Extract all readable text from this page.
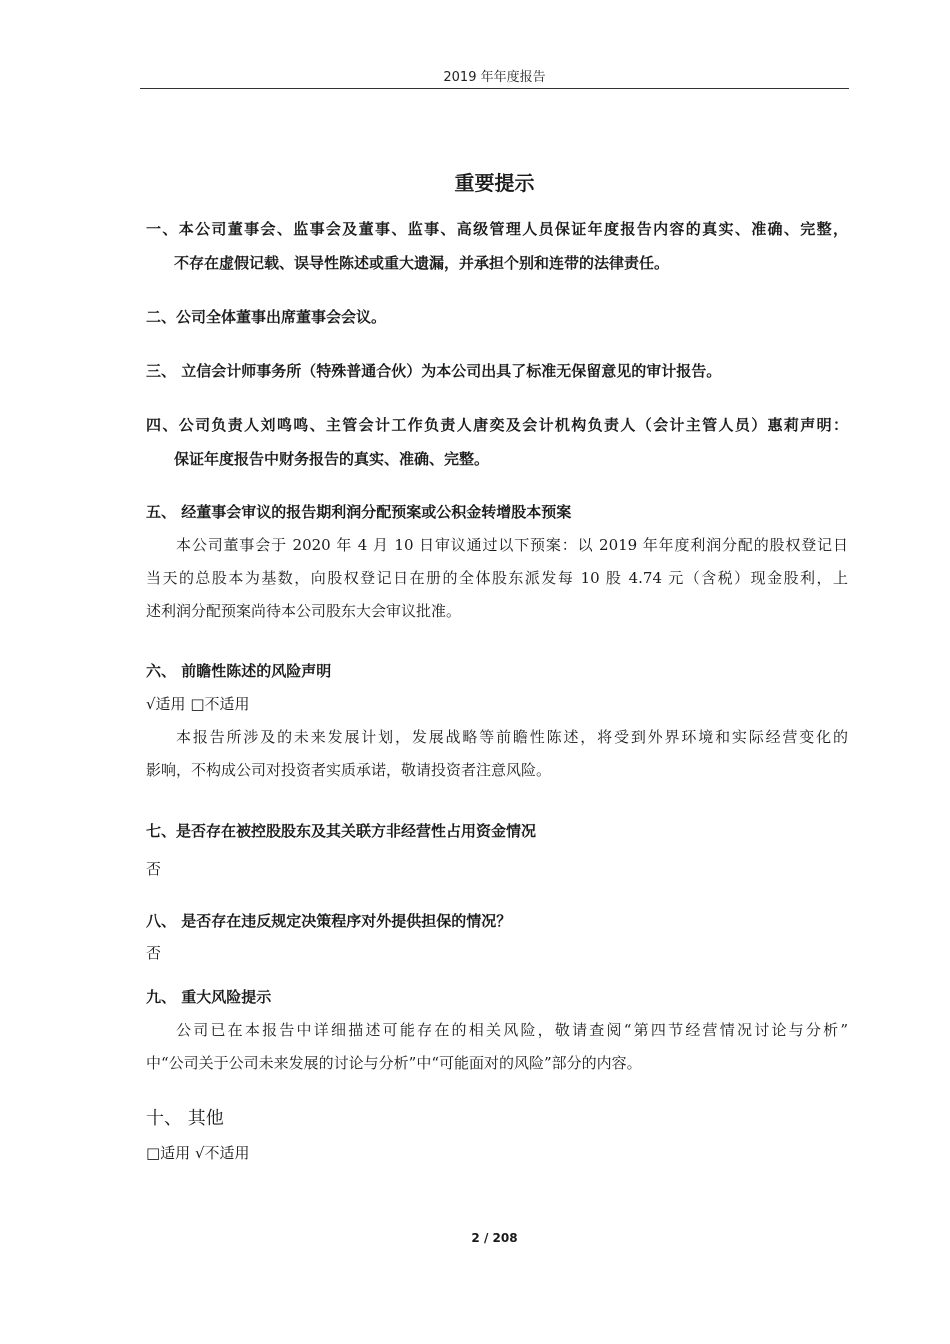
2019 年年度报告
重要提示
一、本公司董事会、监事会及董事、监事、高级管理人员保证年度报告内容的真实、准确、完整，
不存在虚假记载、误导性陈述或重大遗漏，并承担个别和连带的法律责任。
二、公司全体董事出席董事会会议。
三、 立信会计师事务所（特殊普通合伙）为本公司出具了标准无保留意见的审计报告。
四、公司负责人刘鸣鸣、主管会计工作负责人唐奕及会计机构负责人（会计主管人员）惠莉声明：
保证年度报告中财务报告的真实、准确、完整。
五、 经董事会审议的报告期利润分配预案或公积金转增股本预案
本公司董事会于 2020 年 4 月 10 日审议通过以下预案：以 2019 年年度利润分配的股权登记日
当天的总股本为基数，向股权登记日在册的全体股东派发每 10 股 4.74 元（含税）现金股利，上
述利润分配预案尚待本公司股东大会审议批准。
六、 前瞻性陈述的风险声明
√适用 □不适用
本报告所涉及的未来发展计划，发展战略等前瞻性陈述，将受到外界环境和实际经营变化的
影响，不构成公司对投资者实质承诺，敬请投资者注意风险。
七、是否存在被控股股东及其关联方非经营性占用资金情况
否
八、 是否存在违反规定决策程序对外提供担保的情况？
否
九、 重大风险提示
公司已在本报告中详细描述可能存在的相关风险，敬请查阅“第四节经营情况讨论与分析”
中“公司关于公司未来发展的讨论与分析”中“可能面对的风险”部分的内容。
十、 其他
□适用 √不适用
2 / 208
